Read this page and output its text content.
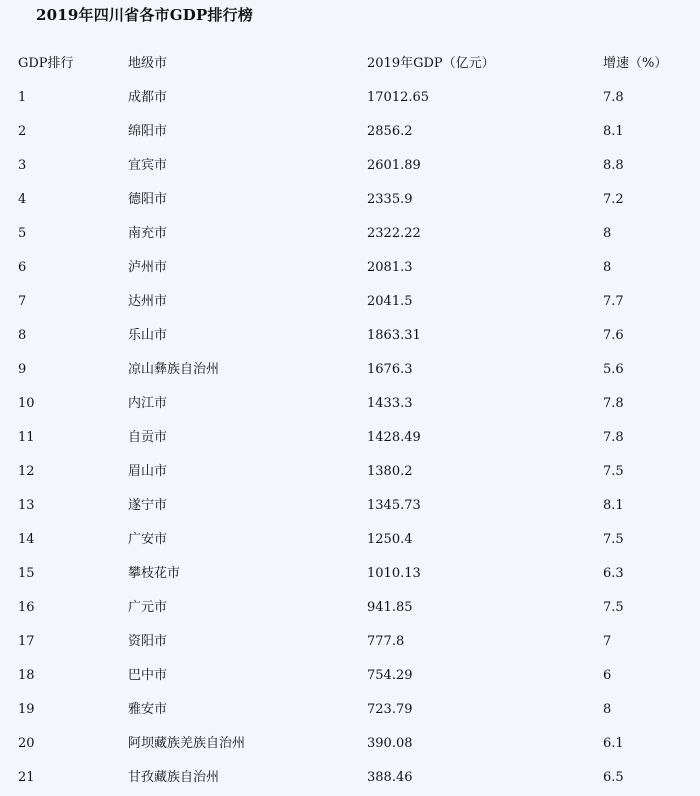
2019年四川省各市GDP排行榜
GDP排行	地级市	2019年GDP（亿元）	增速（%）
1	成都市	17012.65	7.8
2	绵阳市	2856.2	8.1
3	宜宾市	2601.89	8.8
4	德阳市	2335.9	7.2
5	南充市	2322.22	8
6	泸州市	2081.3	8
7	达州市	2041.5	7.7
8	乐山市	1863.31	7.6
9	凉山彝族自治州	1676.3	5.6
10	内江市	1433.3	7.8
11	自贡市	1428.49	7.8
12	眉山市	1380.2	7.5
13	遂宁市	1345.73	8.1
14	广安市	1250.4	7.5
15	攀枝花市	1010.13	6.3
16	广元市	941.85	7.5
17	资阳市	777.8	7
18	巴中市	754.29	6
19	雅安市	723.79	8
20	阿坝藏族羌族自治州	390.08	6.1
21	甘孜藏族自治州	388.46	6.5
